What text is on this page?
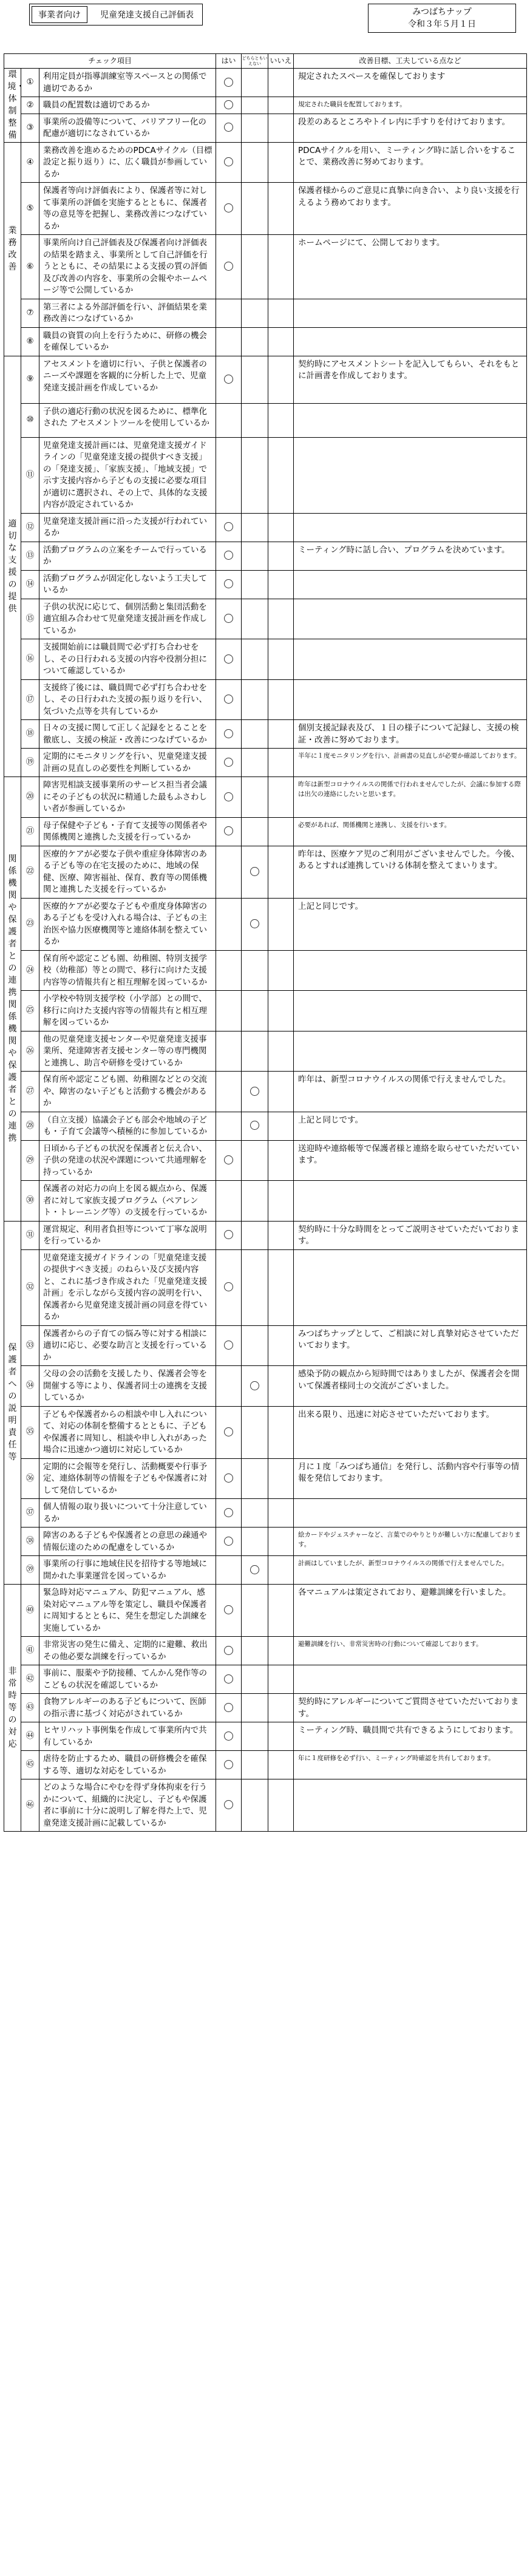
事業者向け	児童発達支援自己評価表	みつばちナップ
令和３年５月１日
チェック項目			はい	どちらともいえない	いいえ	改善目標、工夫している点など
環境・体制整備	①	利用定員が指導訓練室等スペースとの関係で適切であるか				規定されたスペースを確保しております
	②	職員の配置数は適切であるか				規定された職員を配置しております。
	③	事業所の設備等について、バリアフリー化の配慮が適切になされているか				段差のあるところやトイレ内に手すりを付けております。
業務改善	④	業務改善を進めるためのPDCAサイクル（目標設定と振り返り）に、広く職員が参画しているか				PDCAサイクルを用い、ミーティング時に話し合いをすることで、業務改善に努めております。
	⑤	保護者等向け評価表により、保護者等に対して事業所の評価を実施するとともに、保護者等の意見等を把握し、業務改善につなげているか				保護者様からのご意見に真摯に向き合い、より良い支援を行えるよう務めております。
	⑥	事業所向け自己評価表及び保護者向け評価表の結果を踏まえ、事業所として自己評価を行うとともに、その結果による支援の質の評価及び改善の内容を、事業所の会報やホームページ等で公開しているか				ホームページにて、公開しております。
	⑦	第三者による外部評価を行い、評価結果を業務改善につなげているか				
	⑧	職員の資質の向上を行うために、研修の機会を確保しているか				
適切な支援の提供	⑨	アセスメントを適切に行い、子供と保護者のニーズや課題を客観的に分析した上で、児童発達支援計画を作成しているか				契約時にアセスメントシートを記入してもらい、それをもとに計画書を作成しております。
	⑩	子供の適応行動の状況を図るために、標準化された アセスメントツールを使用しているか				
	⑪	児童発達支援計画には、児童発達支援ガイドラインの「児童発達支援の提供すべき支援」の「発達支援」、「家族支援」、「地域支援」で示す支援内容から子どもの支援に必要な項目が適切に選択され、その上で、具体的な支援内容が設定されているか				
	⑫	児童発達支援計画に沿った支援が行われているか				
	⑬	活動プログラムの立案をチームで行っているか				ミーティング時に話し合い、プログラムを決めています。
	⑭	活動プログラムが固定化しないよう工夫しているか				
	⑮	子供の状況に応じて、個別活動と集団活動を適宜組み合わせて児童発達支援計画を作成しているか				
	⑯	支援開始前には職員間で必ず打ち合わせをし、その日行われる支援の内容や役割分担について確認しているか				
	⑰	支援終了後には、職員間で必ず打ち合わせをし、その日行われた支援の振り返りを行い、気づいた点等を共有しているか				
	⑱	日々の支援に関して正しく記録をとることを徹底し、支援の検証・改善につなげているか				個別支援記録表及び、１日の様子について記録し、支援の検証・改善に努めております。
	⑲	定期的にモニタリングを行い、児童発達支援計画の見直しの必要性を判断しているか				半年に１度モニタリングを行い、計画書の見直しが必要か確認しております。
関係機関や保護者との連携関係機関や保護者との連携	⑳	障害児相談支援事業所のサービス担当者会議にその子どもの状況に精通した最もふさわしい者が参画しているか				昨年は新型コロナウイルスの関係で行われませんでしたが、会議に参加する際は出欠の連絡にしたいと思います。
	㉑	母子保健や子ども・子育て支援等の関係者や関係機関と連携した支援を行っているか				必要があれば、関係機関と連携し、支援を行います。
	㉒	医療的ケアが必要な子供や重症身体障害のある子ども等の在宅支援のために、地域の保健、医療、障害福祉、保育、教育等の関係機関と連携した支援を行っているか				昨年は、医療ケア児のご利用がございませんでした。今後、あるとすれば連携していける体制を整えてまいります。
	㉓	医療的ケアが必要な子どもや重度身体障害のある子どもを受け入れる場合は、子どもの主治医や協力医療機関等と連絡体制を整えているか				上記と同じです。
	㉔	保育所や認定こども園、幼稚園、特別支援学校（幼稚部）等との間で、移行に向けた支援内容等の情報共有と相互理解を図っているか				
	㉕	小学校や特別支援学校（小学部）との間で、移行に向けた支援内容等の情報共有と相互理解を図っているか				
	㉖	他の児童発達支援センターや児童発達支援事業所、発達障害者支援センター等の専門機関と連携し、助言や研修を受けているか				
	㉗	保育所や認定こども園、幼稚園などとの交流や、障害のない子どもと活動する機会があるか				昨年は、新型コロナウイルスの関係で行えませんでした。
	㉘	（自立支援）協議会子ども部会や地域の子ども・子育て会議等へ積極的に参加しているか				上記と同じです。
	㉙	日頃から子どもの状況を保護者と伝え合い、子供の発達の状況や課題について共通理解を持っているか				送迎時や連絡帳等で保護者様と連絡を取らせていただいています。
	㉚	保護者の対応力の向上を図る観点から、保護者に対して家族支援プログラム（ペアレント・トレーニング等）の支援を行っているか				
保護者への説明責任等	㉛	運営規定、利用者負担等について丁寧な説明を行っているか				契約時に十分な時間をとってご説明させていただいております。
	㉜	児童発達支援ガイドラインの「児童発達支援の提供すべき支援」のねらい及び支援内容と、これに基づき作成された「児童発達支援計画」を示しながら支援内容の説明を行い、保護者から児童発達支援計画の同意を得ているか				
	㉝	保護者からの子育ての悩み等に対する相談に適切に応じ、必要な助言と支援を行っているか				みつばちナップとして、ご相談に対し真摯対応させていただいております。
	㉞	父母の会の活動を支援したり、保護者会等を開催する等により、保護者同士の連携を支援しているか				感染予防の観点から短時間ではありましたが、保護者会を開いて保護者様同士の交流がございました。
	㉟	子どもや保護者からの相談や申し入れについて、対応の体制を整備するとともに、子どもや保護者に周知し、相談や申し入れがあった場合に迅速かつ適切に対応しているか				出来る限り、迅速に対応させていただいております。
	㊱	定期的に会報等を発行し、活動概要や行事予定、連絡体制等の情報を子どもや保護者に対して発信しているか				月に１度「みつばち通信」を発行し、活動内容や行事等の情報を発信しております。
	㊲	個人情報の取り扱いについて十分注意しているか				
	㊳	障害のある子どもや保護者との意思の疎通や情報伝達のための配慮をしているか				絵カードやジェスチャーなど、言葉でのやりとりが難しい方に配慮しております。
	㊴	事業所の行事に地域住民を招待する等地域に開かれた事業運営を図っているか				計画はしていましたが、新型コロナウイルスの関係で行えませんでした。
非常時等の対応	㊵	緊急時対応マニュアル、防犯マニュアル、感染対応マニュアル等を策定し、職員や保護者に周知するとともに、発生を想定した訓練を実施しているか				各マニュアルは策定されており、避難訓練を行いました。
	㊶	非常災害の発生に備え、定期的に避難、救出その他必要な訓練を行っているか				避難訓練を行い、非常災害時の行動について確認しております。
	㊷	事前に、服薬や予防接種、てんかん発作等のこどもの状況を確認しているか				
	㊸	食物アレルギーのある子どもについて、医師の指示書に基づく対応がされているか				契約時にアレルギーについてご質問させていただいております。
	㊹	ヒヤリハット事例集を作成して事業所内で共有しているか				ミーティング時、職員間で共有できるようにしております。
	㊺	虐待を防止するため、職員の研修機会を確保する等、適切な対応をしているか				年に１度研修を必ず行い、ミーティング時確認を共有しております。
	㊻	どのような場合にやむを得ず身体拘束を行うかについて、組織的に決定し、子どもや保護者に事前に十分に説明し了解を得た上で、児童発達支援計画に記載しているか				
